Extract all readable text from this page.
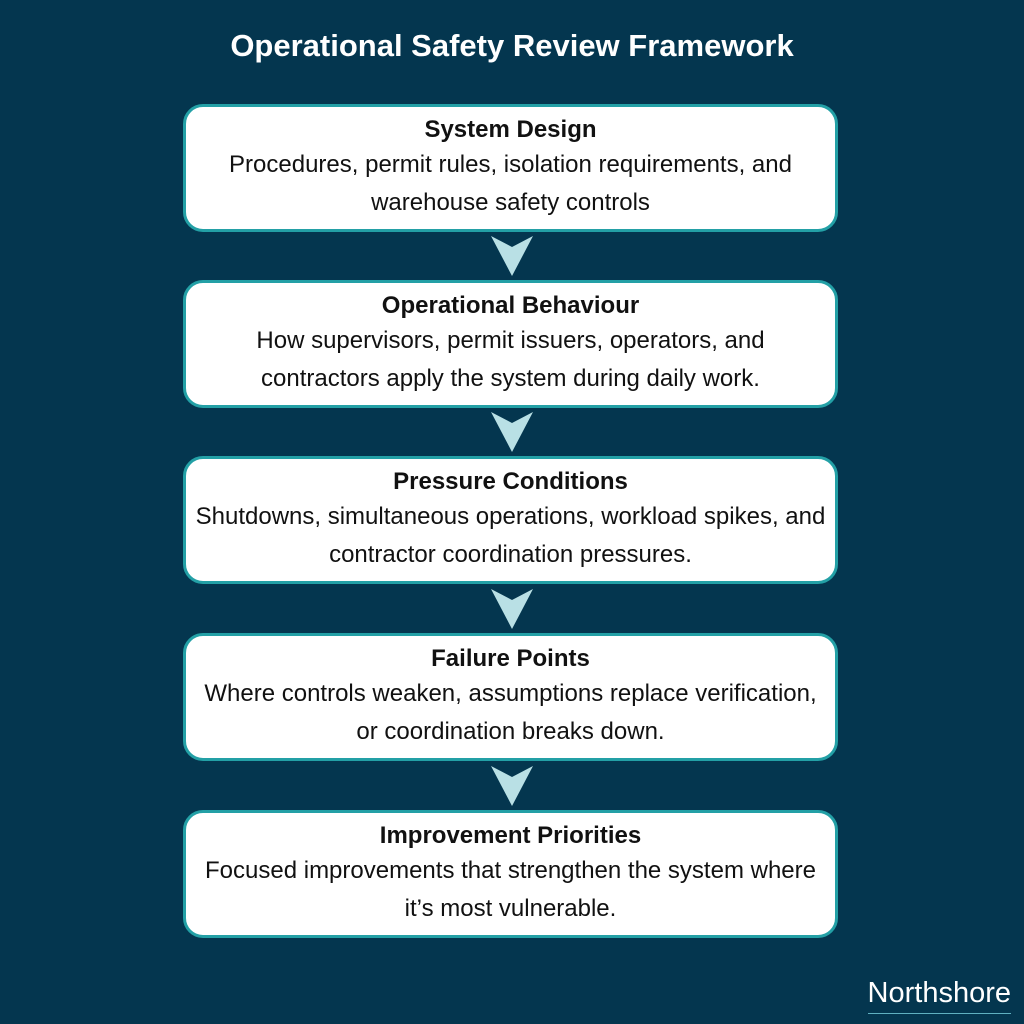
Operational Safety Review Framework
System Design
Procedures, permit rules, isolation requirements, and warehouse safety controls
Operational Behaviour
How supervisors, permit issuers, operators, and contractors apply the system during daily work.
Pressure Conditions
Shutdowns, simultaneous operations, workload spikes, and contractor coordination pressures.
Failure Points
Where controls weaken, assumptions replace verification, or coordination breaks down.
Improvement Priorities
Focused improvements that strengthen the system where it’s most vulnerable.
Northshore
